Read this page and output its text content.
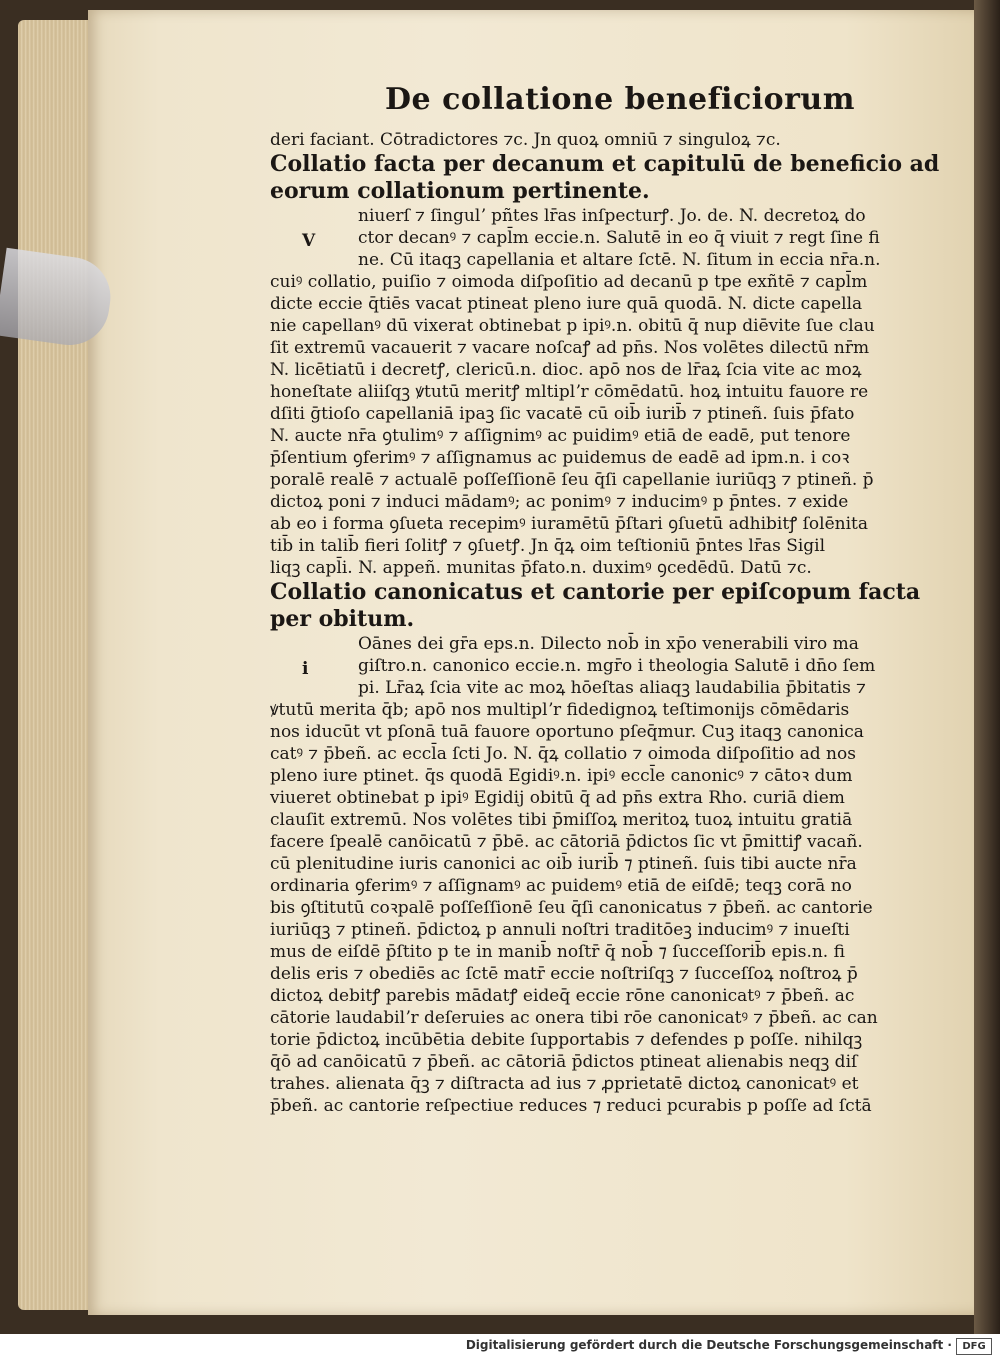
De collatione beneficiorum
deri faciant. Cōtradictores ⁊c. Jn quoꝝ omniū ⁊ singuloꝝ ⁊c.
Collatio facta per decanum et capitulū de beneficio ad
eorum collationum pertinente.
V
niuerſ ⁊ ſingulʼ pñtes lr̄as inſpecturꝭ. Jo. de. N. decretoꝝ do
ctor decanꝰ ⁊ capl̄m eccie.n. Salutē in eo q̄ viuit ⁊ regt ſine fi
ne. Cū itaqꝫ capellania et altare ſctē. N. ſitum in eccia nr̄a.n.
cuiꝰ collatio, puiſio ⁊ oimoda diſpoſitio ad decanū p tpe exñtē ⁊ capl̄m
dicte eccie q̄tiēs vacat ptineat pleno iure quā quodā. N. dicte capella
nie capellanꝰ dū vixerat obtinebat p ipiꝰ.n. obitū q̄ nup diēvite ſue clau
ſit extremū vacauerit ⁊ vacare noſcaꝭ ad pn̄s. Nos volētes dilectū nr̄m
N. licētiatū i decretꝭ, clericū.n. dioc. apō nos de lr̄aꝝ ſcia vite ac moꝝ
honeſtate aliiſqꝫ ꝟtutū meritꝭ mltiplʼr cōmēdatū. hoꝝ intuitu fauore re
dſiti ḡtioſo capellaniā ipaꝫ ſic vacatē cū oib̄ iurib̄ ⁊ ptineñ. ſuis p̄fato
N. aucte nr̄a ꝯtulimꝰ ⁊ aſſignimꝰ ac puidimꝰ etiā de eadē, put tenore
p̄ſentium ꝯferimꝰ ⁊ aſſignamus ac puidemus de eadē ad ipm.n. i coꝛ
poralē realē ⁊ actualē poſſeſſionē ſeu q̄ſi capellanie iuriūqꝫ ⁊ ptineñ. p̄
dictoꝝ poni ⁊ induci mādamꝰ; ac ponimꝰ ⁊ inducimꝰ p p̄ntes. ⁊ exide
ab eo i forma ꝯſueta recepimꝰ iuramētū p̄ſtari ꝯſuetū adhibitꝭ ſolēnita
tib̄ in talib̄ fieri ſolitꝭ ⁊ ꝯſuetꝭ. Jn q̄ꝝ oim teſtioniū p̄ntes lr̄as Sigil
liqꝫ capl̄i. N. appeñ. munitas p̄fato.n. duximꝰ ꝯcedēdū. Datū ⁊c.
Collatio canonicatus et cantorie per epiſcopum facta
per obitum.
i
Oānes dei gr̄a eps.n. Dilecto nob̄ in xp̄o venerabili viro ma
giſtro.n. canonico eccie.n. mgr̄o i theologia Salutē i dn̄o ſem
pi. Lr̄aꝝ ſcia vite ac moꝝ hōeſtas aliaqꝫ laudabilia p̄bitatis ⁊
ꝟtutū merita q̄b; apō nos multiplʼr fidedignoꝝ teſtimonijs cōmēdaris
nos iducūt vt pſonā tuā fauore oportuno pſeq̄mur. Cuꝫ itaqꝫ canonica
catꝰ ⁊ p̄beñ. ac eccl̄a ſcti Jo. N. q̄ꝝ collatio ⁊ oimoda diſpoſitio ad nos
pleno iure ptinet. q̄s quodā Egidiꝰ.n. ipiꝰ eccl̄e canonicꝰ ⁊ cātoꝛ dum
viueret obtinebat p ipiꝰ Egidij obitū q̄ ad pn̄s extra Rho. curiā diem
clauſit extremū. Nos volētes tibi p̄miſſoꝝ meritoꝝ tuoꝝ intuitu gratiā
facere ſpealē canōicatū ⁊ p̄bē. ac cātoriā p̄dictos ſic vt p̄mittiꝭ vacañ.
cū plenitudine iuris canonici ac oib̄ iurib̄ ⁊ ptineñ. ſuis tibi aucte nr̄a
ordinaria ꝯferimꝰ ⁊ aſſignamꝰ ac puidemꝰ etiā de eiſdē; teqꝫ corā no
bis ꝯſtitutū coꝛpalē poſſeſſionē ſeu q̄ſi canonicatus ⁊ p̄beñ. ac cantorie
iuriūqꝫ ⁊ ptineñ. p̄dictoꝝ p annuli noſtri traditōeꝫ inducimꝰ ⁊ inueſti
mus de eiſdē p̄ſtito p te in manib̄ noſtr̄ q̄ nob̄ ⁊ ſucceſſorib̄ epis.n. fi
delis eris ⁊ obediēs ac ſctē matr̄ eccie noſtriſqꝫ ⁊ ſucceſſoꝝ noſtroꝝ p̄
dictoꝝ debitꝭ parebis mādatꝭ eideq̄ eccie rōne canonicatꝰ ⁊ p̄beñ. ac
cātorie laudabilʼr deſeruies ac onera tibi rōe canonicatꝰ ⁊ p̄beñ. ac can
torie p̄dictoꝝ incūbētia debite ſupportabis ⁊ defendes p poſſe. nihilqꝫ
q̄ō ad canōicatū ⁊ p̄beñ. ac cātoriā p̄dictos ptineat alienabis neqꝫ diſ
trahes. alienata q̄ꝫ ⁊ diſtracta ad ius ⁊ ꝓprietatē dictoꝝ canonicatꝰ et
p̄beñ. ac cantorie reſpectiue reduces ⁊ reduci pcurabis p poſſe ad ſctā
Digitalisierung gefördert durch die Deutsche Forschungsgemeinschaft ·	DFG
